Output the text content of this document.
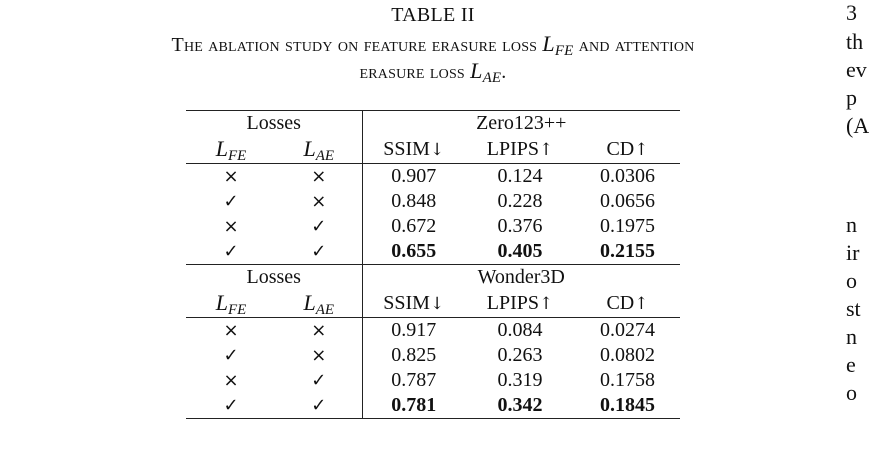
TABLE II
The ablation study on feature erasure loss $L_{FE}$ and attention
erasure loss $L_{AE}$.
Losses		Zero123++		
$L_{FE}$	$L_{AE}$	SSIM↓	LPIPS↑	CD↑
×	×	0.907	0.124	0.0306
✓	×	0.848	0.228	0.0656
×	✓	0.672	0.376	0.1975
✓	✓	0.655	0.405	0.2155
Losses		Wonder3D		
$L_{FE}$	$L_{AE}$	SSIM↓	LPIPS↑	CD↑
×	×	0.917	0.084	0.0274
✓	×	0.825	0.263	0.0802
×	✓	0.787	0.319	0.1758
✓	✓	0.781	0.342	0.1845
3
th
ev
p
(A
n
ir
o
st
n
e
o
